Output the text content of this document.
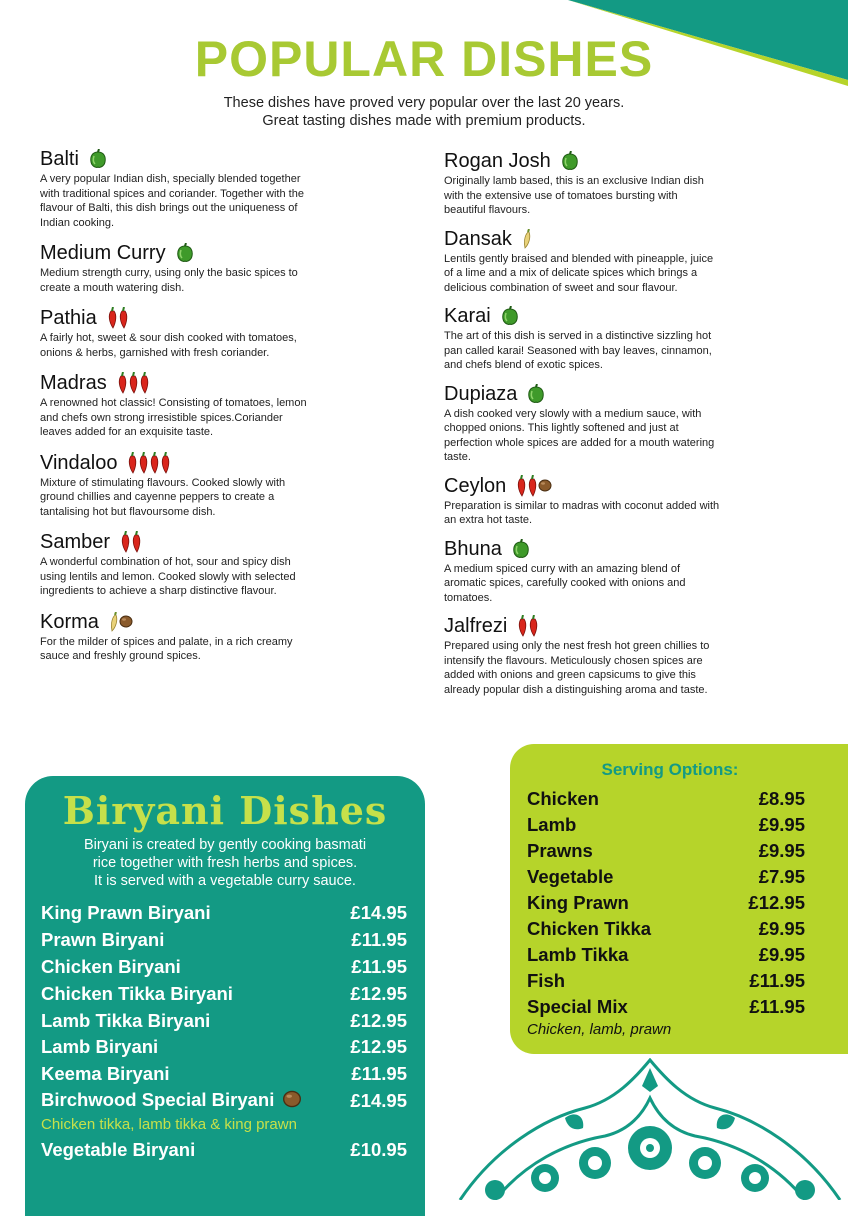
POPULAR DISHES
These dishes have proved very popular over the last 20 years.
Great tasting dishes made with premium products.
Balti
A very popular Indian dish, specially blended together
with traditional spices and coriander. Together with the
flavour of Balti, this dish brings out the uniqueness of
Indian cooking.
Medium Curry
Medium strength curry, using only the basic spices to
create a mouth watering dish.
Pathia
A fairly hot, sweet & sour dish cooked with tomatoes,
onions & herbs, garnished with fresh coriander.
Madras
A renowned hot classic! Consisting of tomatoes, lemon
and chefs own strong irresistible spices.Coriander
leaves added for an exquisite taste.
Vindaloo
Mixture of stimulating flavours. Cooked slowly with
ground chillies and cayenne peppers to create a
tantalising hot but flavoursome dish.
Samber
A wonderful combination of hot, sour and spicy dish
using lentils and lemon. Cooked slowly with selected
ingredients to achieve a sharp distinctive flavour.
Korma
For the milder of spices and palate, in a rich creamy
sauce and freshly ground spices.
Rogan Josh
Originally lamb based, this is an exclusive Indian dish
with the extensive use of tomatoes bursting with
beautiful flavours.
Dansak
Lentils gently braised and blended with pineapple, juice
of a lime and a mix of delicate spices which brings a
delicious combination of sweet and sour flavour.
Karai
The art of this dish is served in a distinctive sizzling hot
pan called karai! Seasoned with bay leaves, cinnamon,
and chefs blend of exotic spices.
Dupiaza
A dish cooked very slowly with a medium sauce, with
chopped onions. This lightly softened and just at
perfection whole spices are added for a mouth watering
taste.
Ceylon
Preparation is similar to madras with coconut added with
an extra hot taste.
Bhuna
A medium spiced curry with an amazing blend of
aromatic spices, carefully cooked with onions and
tomatoes.
Jalfrezi
Prepared using only the nest fresh hot green chillies to
intensify the flavours. Meticulously chosen spices are
added with onions and green capsicums to give this
already popular dish a distinguishing aroma and taste.
Biryani Dishes
Biryani is created by gently cooking basmati
rice together with fresh herbs and spices.
It is served with a vegetable curry sauce.
King Prawn Biryani	£14.95
Prawn Biryani	£11.95
Chicken Biryani	£11.95
Chicken Tikka Biryani	£12.95
Lamb Tikka Biryani	£12.95
Lamb Biryani	£12.95
Keema Biryani	£11.95
Birchwood Special Biryani	£14.95
Chicken tikka, lamb tikka & king prawn
Vegetable Biryani	£10.95
Serving Options:
Chicken	£8.95
Lamb	£9.95
Prawns	£9.95
Vegetable	£7.95
King Prawn	£12.95
Chicken Tikka	£9.95
Lamb Tikka	£9.95
Fish	£11.95
Special Mix	£11.95
Chicken, lamb, prawn
